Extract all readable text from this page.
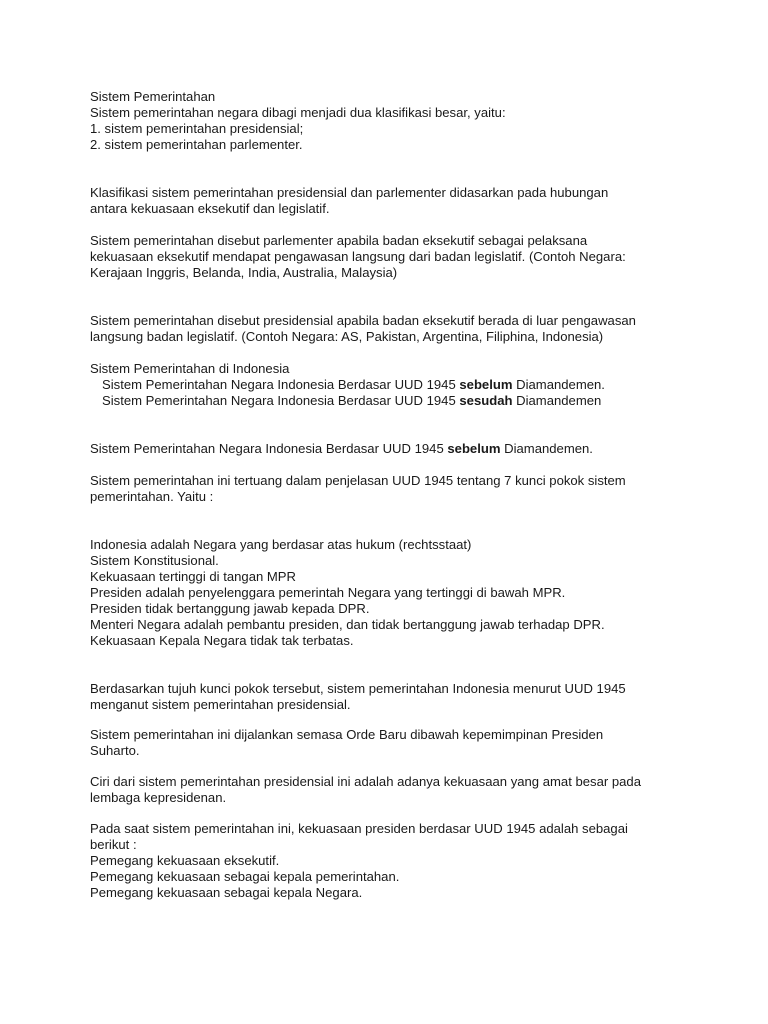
Sistem Pemerintahan
Sistem pemerintahan negara dibagi menjadi dua klasifikasi besar, yaitu:
1. sistem pemerintahan presidensial;
2. sistem pemerintahan parlementer.
Klasifikasi sistem pemerintahan presidensial dan parlementer didasarkan pada hubungan
antara kekuasaan eksekutif dan legislatif.
Sistem pemerintahan disebut parlementer apabila badan eksekutif sebagai pelaksana
kekuasaan eksekutif mendapat pengawasan langsung dari badan legislatif. (Contoh Negara:
Kerajaan Inggris, Belanda, India, Australia, Malaysia)
Sistem pemerintahan disebut presidensial apabila badan eksekutif berada di luar pengawasan
langsung badan legislatif. (Contoh Negara: AS, Pakistan, Argentina, Filiphina, Indonesia)
Sistem Pemerintahan di Indonesia
Sistem Pemerintahan Negara Indonesia Berdasar UUD 1945 sebelum Diamandemen.
Sistem Pemerintahan Negara Indonesia Berdasar UUD 1945 sesudah Diamandemen
Sistem Pemerintahan Negara Indonesia Berdasar UUD 1945 sebelum Diamandemen.
Sistem pemerintahan ini tertuang dalam penjelasan UUD 1945 tentang 7 kunci pokok sistem
pemerintahan. Yaitu :
Indonesia adalah Negara yang berdasar atas hukum (rechtsstaat)
Sistem Konstitusional.
Kekuasaan tertinggi di tangan MPR
Presiden adalah penyelenggara pemerintah Negara yang tertinggi di bawah MPR.
Presiden tidak bertanggung jawab kepada DPR.
Menteri Negara adalah pembantu presiden, dan tidak bertanggung jawab terhadap DPR.
Kekuasaan Kepala Negara tidak tak terbatas.
Berdasarkan tujuh kunci pokok tersebut, sistem pemerintahan Indonesia menurut UUD 1945
menganut sistem pemerintahan presidensial.
Sistem pemerintahan ini dijalankan semasa Orde Baru dibawah kepemimpinan Presiden
Suharto.
Ciri dari sistem pemerintahan presidensial ini adalah adanya kekuasaan yang amat besar pada
lembaga kepresidenan.
Pada saat sistem pemerintahan ini, kekuasaan presiden berdasar UUD 1945 adalah sebagai
berikut :
Pemegang kekuasaan eksekutif.
Pemegang kekuasaan sebagai kepala pemerintahan.
Pemegang kekuasaan sebagai kepala Negara.
